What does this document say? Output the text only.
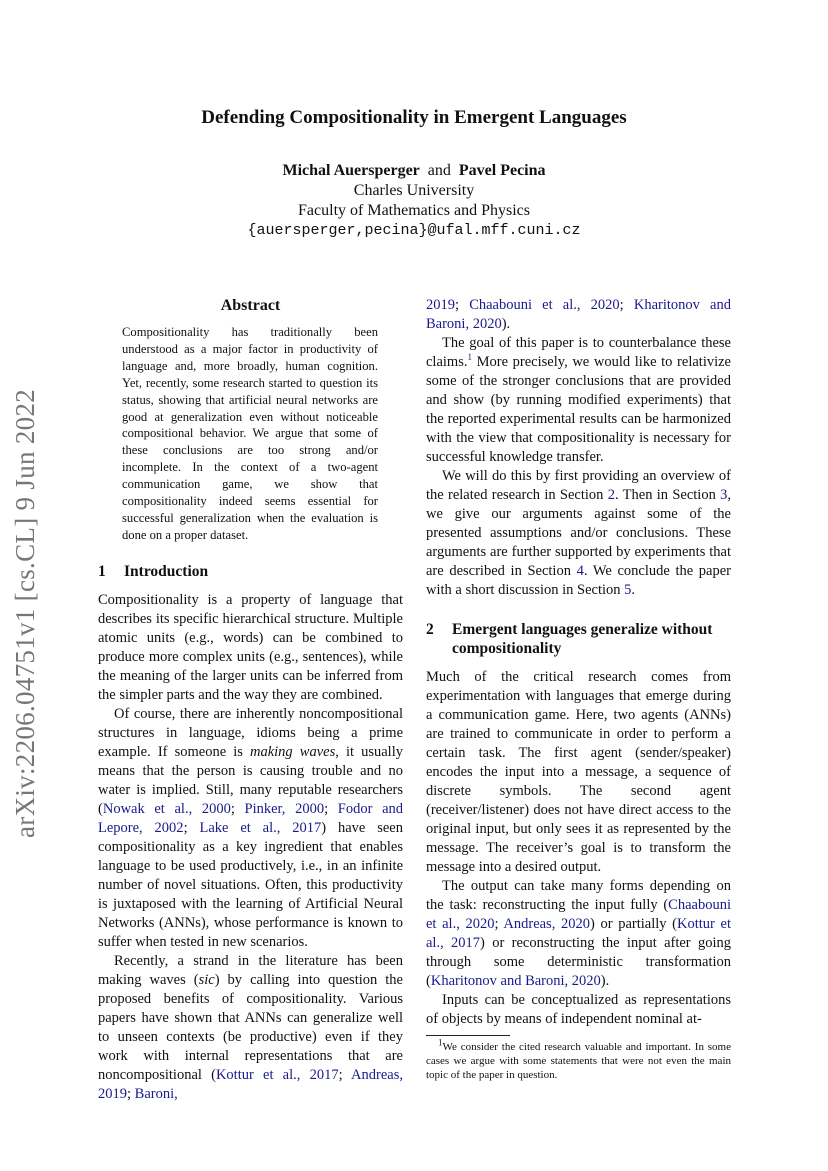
arXiv:2206.04751v1 [cs.CL] 9 Jun 2022
Defending Compositionality in Emergent Languages
Michal Auersperger and Pavel Pecina
Charles University
Faculty of Mathematics and Physics
{auersperger,pecina}@ufal.mff.cuni.cz
Abstract
Compositionality has traditionally been understood as a major factor in productivity of language and, more broadly, human cognition. Yet, recently, some research started to question its status, showing that artificial neural networks are good at generalization even without noticeable compositional behavior. We argue that some of these conclusions are too strong and/or incomplete. In the context of a two-agent communication game, we show that compositionality indeed seems essential for successful generalization when the evaluation is done on a proper dataset.
1	Introduction

Compositionality is a property of language that describes its specific hierarchical structure. Multiple atomic units (e.g., words) can be combined to produce more complex units (e.g., sentences), while the meaning of the larger units can be inferred from the simpler parts and the way they are combined.

Of course, there are inherently noncompositional structures in language, idioms being a prime example. If someone is making waves, it usually means that the person is causing trouble and no water is implied. Still, many reputable researchers (Nowak et al., 2000; Pinker, 2000; Fodor and Lepore, 2002; Lake et al., 2017) have seen compositionality as a key ingredient that enables language to be used productively, i.e., in an infinite number of novel situations. Often, this productivity is juxtaposed with the learning of Artificial Neural Networks (ANNs), whose performance is known to suffer when tested in new scenarios.

Recently, a strand in the literature has been making waves (sic) by calling into question the proposed benefits of compositionality. Various papers have shown that ANNs can generalize well to unseen contexts (be productive) even if they work with internal representations that are noncompositional (Kottur et al., 2017; Andreas, 2019; Baroni,

2019; Chaabouni et al., 2020; Kharitonov and Baroni, 2020).

The goal of this paper is to counterbalance these claims.$^1$ More precisely, we would like to relativize some of the stronger conclusions that are provided and show (by running modified experiments) that the reported experimental results can be harmonized with the view that compositionality is necessary for successful knowledge transfer.

We will do this by first providing an overview of the related research in Section 2. Then in Section 3, we give our arguments against some of the presented assumptions and/or conclusions. These arguments are further supported by experiments that are described in Section 4. We conclude the paper with a short discussion in Section 5.

2	Emergent languages generalize without compositionality

Much of the critical research comes from experimentation with languages that emerge during a communication game. Here, two agents (ANNs) are trained to communicate in order to perform a certain task. The first agent (sender/speaker) encodes the input into a message, a sequence of discrete symbols. The second agent (receiver/listener) does not have direct access to the original input, but only sees it as represented by the message. The receiver’s goal is to transform the message into a desired output.

The output can take many forms depending on the task: reconstructing the input fully (Chaabouni et al., 2020; Andreas, 2020) or partially (Kottur et al., 2017) or reconstructing the input after going through some deterministic transformation (Kharitonov and Baroni, 2020).

Inputs can be conceptualized as representations of objects by means of independent nominal at-

$^1$We consider the cited research valuable and important. In some cases we argue with some statements that were not even the main topic of the paper in question.
